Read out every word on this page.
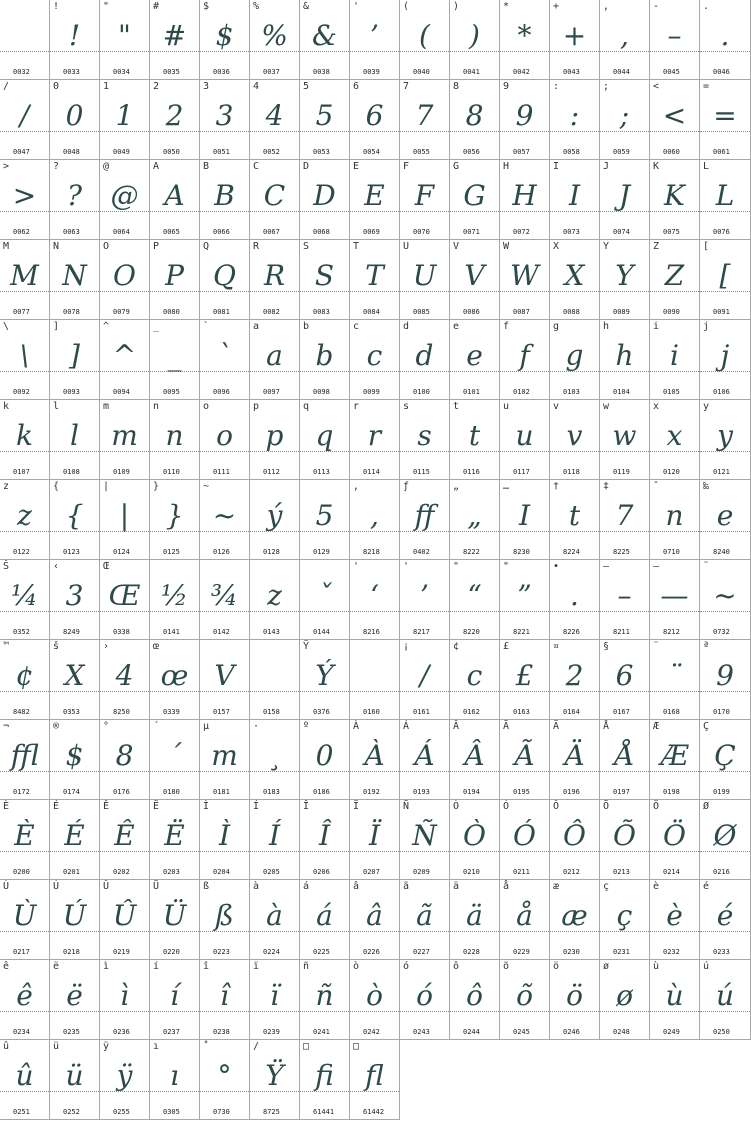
0032
!
!
0033
"
"
0034
#
#
0035
$
$
0036
%
%
0037
&
&
0038
'
’
0039
(
(
0040
)
)
0041
*
*
0042
+
+
0043
,
,
0044
-
–
0045
.
.
0046
/
/
0047
0
0
0048
1
1
0049
2
2
0050
3
3
0051
4
4
0052
5
5
0053
6
6
0054
7
7
0055
8
8
0056
9
9
0057
:
:
0058
;
;
0059
<
<
0060
=
=
0061
>
>
0062
?
?
0063
@
@
0064
A
A
0065
B
B
0066
C
C
0067
D
D
0068
E
E
0069
F
F
0070
G
G
0071
H
H
0072
I
I
0073
J
J
0074
K
K
0075
L
L
0076
M
M
0077
N
N
0078
O
O
0079
P
P
0080
Q
Q
0081
R
R
0082
S
S
0083
T
T
0084
U
U
0085
V
V
0086
W
W
0087
X
X
0088
Y
Y
0089
Z
Z
0090
[
[
0091
\
\
0092
]
]
0093
^
^
0094
_
_
0095
`
`
0096
a
a
0097
b
b
0098
c
c
0099
d
d
0100
e
e
0101
f
f
0102
g
g
0103
h
h
0104
i
i
0105
j
j
0106
k
k
0107
l
l
0108
m
m
0109
n
n
0110
o
o
0111
p
p
0112
q
q
0113
r
r
0114
s
s
0115
t
t
0116
u
u
0117
v
v
0118
w
w
0119
x
x
0120
y
y
0121
z
z
0122
{
{
0123
|
|
0124
}
}
0125
~
~
0126
ý
0128
5
0129
,
,
8218
ƒ
ff
0402
„
„
8222
…
I
8230
†
t
8224
‡
7
8225
ˆ
n
0710
‰
e
8240
Š
¼
0352
‹
3
8249
Œ
Œ
0338
½
0141
¾
0142
z
0143
ˇ
0144
'
‘
8216
'
’
8217
"
“
8220
"
”
8221
•
.
8226
–
–
8211
—
—
8212
˜
~
0732
™
¢
8482
š
X
0353
›
4
8250
œ
œ
0339
V
0157	0158
Ÿ
Ý
0376	0160
¡
/
0161
¢
c
0162
£
£
0163
¤
2
0164
§
6
0167
¨
¨
0168
ª
9
0170
¬
ffl
0172
®
$
0174
°
8
0176
´
´
0180
µ
m
0181
·
¸
0183
º
0
0186
À
À
0192
Á
Á
0193
Â
Â
0194
Ã
Ã
0195
Ä
Ä
0196
Å
Å
0197
Æ
Æ
0198
Ç
Ç
0199
È
È
0200
É
É
0201
Ê
Ê
0202
Ë
Ë
0203
Ì
Ì
0204
Í
Í
0205
Î
Î
0206
Ï
Ï
0207
Ñ
Ñ
0209
Ò
Ò
0210
Ó
Ó
0211
Ô
Ô
0212
Õ
Õ
0213
Ö
Ö
0214
Ø
Ø
0216
Ù
Ù
0217
Ú
Ú
0218
Û
Û
0219
Ü
Ü
0220
ß
ß
0223
à
à
0224
á
á
0225
â
â
0226
ã
ã
0227
ä
ä
0228
å
å
0229
æ
æ
0230
ç
ç
0231
è
è
0232
é
é
0233
ê
ê
0234
ë
ë
0235
ì
ì
0236
í
í
0237
î
î
0238
ï
ï
0239
ñ
ñ
0241
ò
ò
0242
ó
ó
0243
ô
ô
0244
õ
õ
0245
ö
ö
0246
ø
ø
0248
ù
ù
0249
ú
ú
0250
û
û
0251
ü
ü
0252
ÿ
ÿ
0255
ı
ı
0305
˚
°
0730
/
Ÿ
8725
□
fi
61441
□
fl
61442
